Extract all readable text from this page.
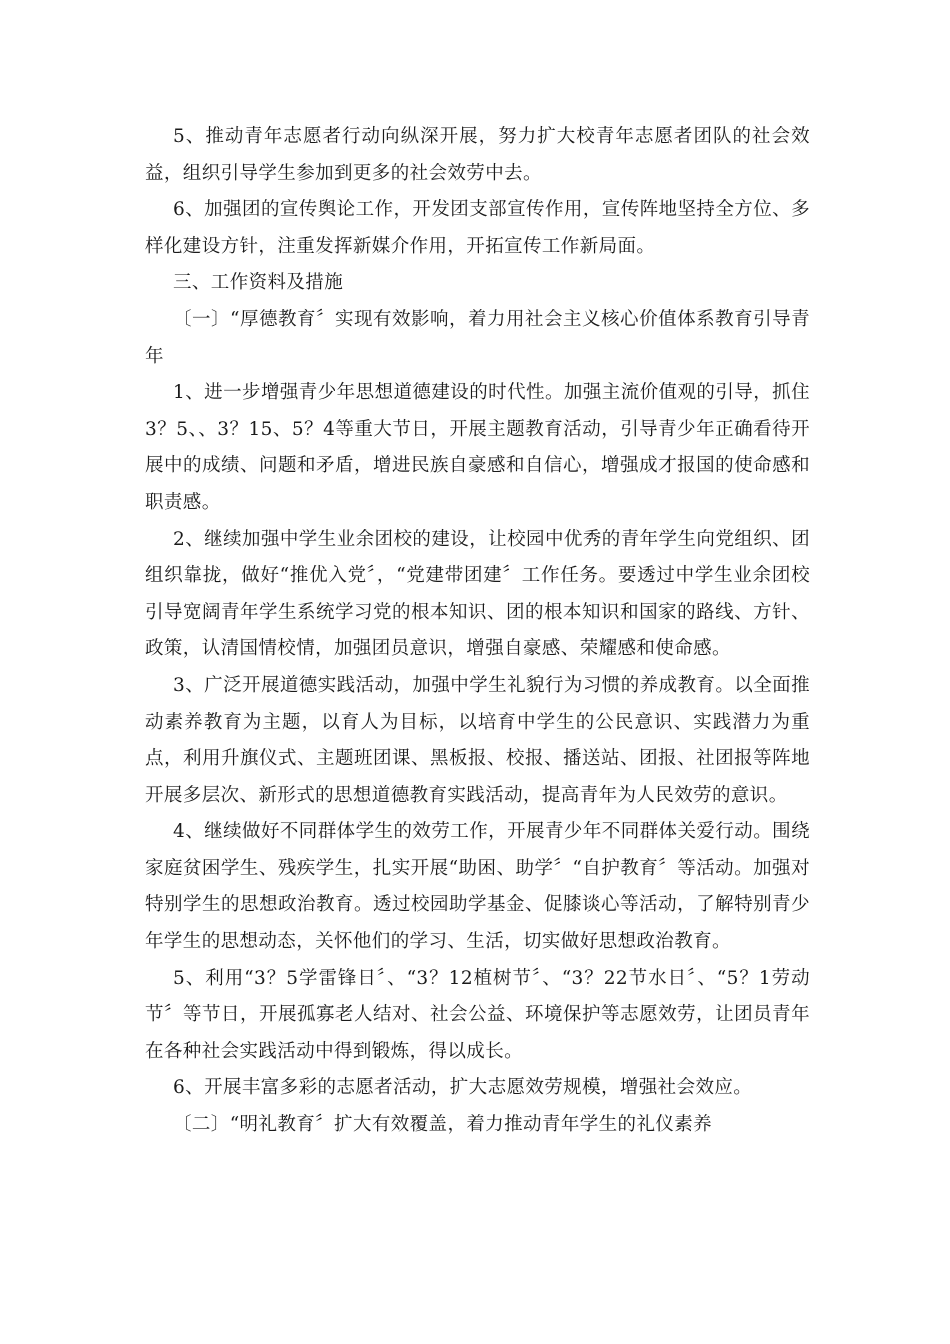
5、推动青年志愿者行动向纵深开展，努力扩大校青年志愿者团队的社会效益，组织引导学生参加到更多的社会效劳中去。

6、加强团的宣传舆论工作，开发团支部宣传作用，宣传阵地坚持全方位、多样化建设方针，注重发挥新媒介作用，开拓宣传工作新局面。

三、工作资料及措施

〔一〕“厚德教育〞实现有效影响，着力用社会主义核心价值体系教育引导青年

1、进一步增强青少年思想道德建设的时代性。加强主流价值观的引导，抓住3？5、、3？15、5？4等重大节日，开展主题教育活动，引导青少年正确看待开展中的成绩、问题和矛盾，增进民族自豪感和自信心，增强成才报国的使命感和职责感。

2、继续加强中学生业余团校的建设，让校园中优秀的青年学生向党组织、团组织靠拢，做好“推优入党〞，“党建带团建〞工作任务。要透过中学生业余团校引导宽阔青年学生系统学习党的根本知识、团的根本知识和国家的路线、方针、政策，认清国情校情，加强团员意识，增强自豪感、荣耀感和使命感。

3、广泛开展道德实践活动，加强中学生礼貌行为习惯的养成教育。以全面推动素养教育为主题，以育人为目标，以培育中学生的公民意识、实践潜力为重点，利用升旗仪式、主题班团课、黑板报、校报、播送站、团报、社团报等阵地开展多层次、新形式的思想道德教育实践活动，提高青年为人民效劳的意识。

4、继续做好不同群体学生的效劳工作，开展青少年不同群体关爱行动。围绕家庭贫困学生、残疾学生，扎实开展“助困、助学〞“自护教育〞等活动。加强对特别学生的思想政治教育。透过校园助学基金、促膝谈心等活动，了解特别青少年学生的思想动态，关怀他们的学习、生活，切实做好思想政治教育。

5、利用“3？5学雷锋日〞、“3？12植树节〞、“3？22节水日〞、“5？1劳动节〞等节日，开展孤寡老人结对、社会公益、环境保护等志愿效劳，让团员青年在各种社会实践活动中得到锻炼，得以成长。

6、开展丰富多彩的志愿者活动，扩大志愿效劳规模，增强社会效应。

〔二〕“明礼教育〞扩大有效覆盖，着力推动青年学生的礼仪素养
